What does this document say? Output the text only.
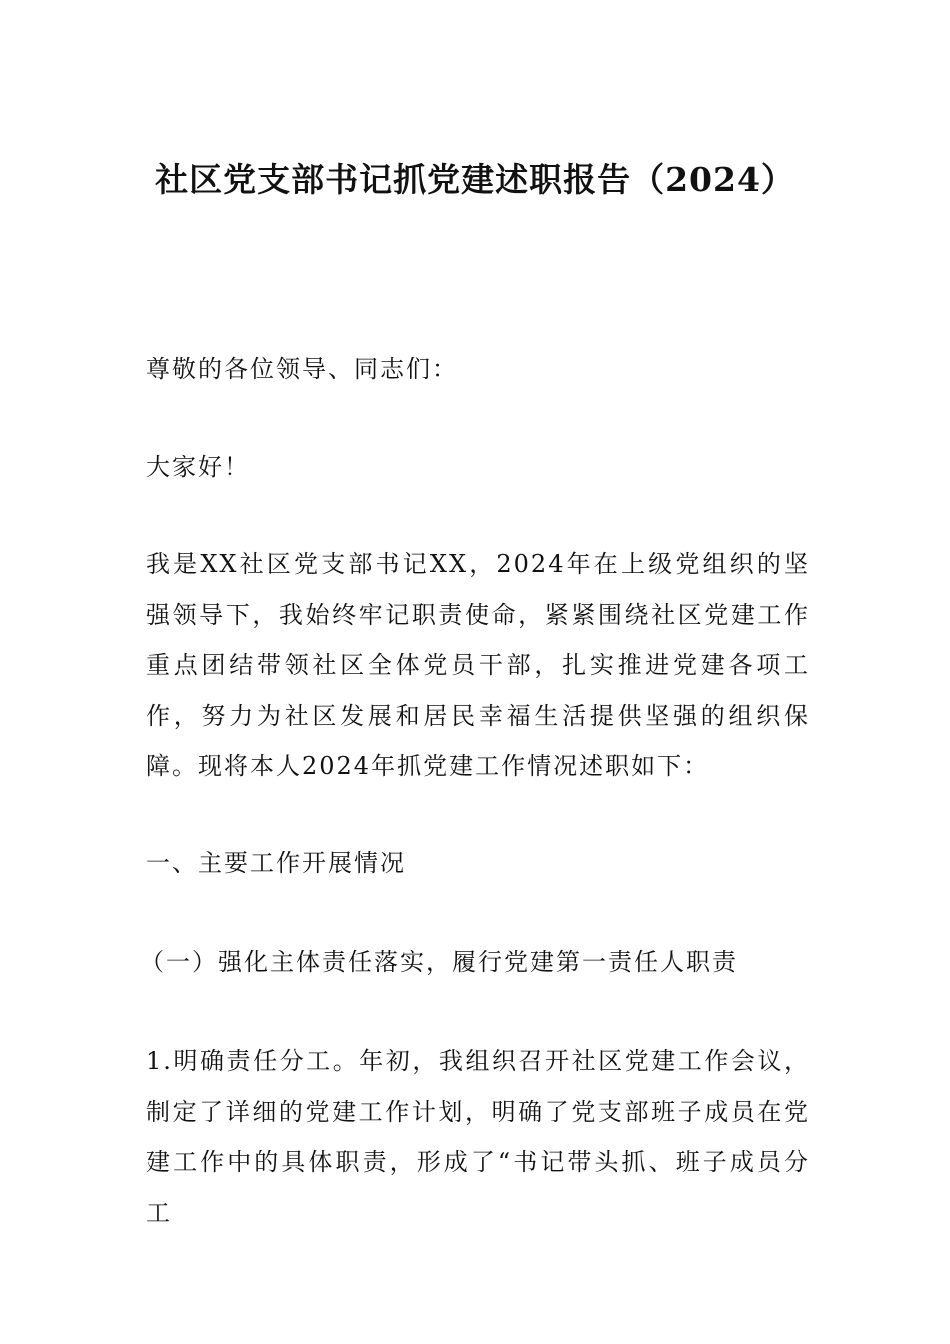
社区党支部书记抓党建述职报告（2024）

尊敬的各位领导、同志们：

大家好！

我是XX社区党支部书记XX，2024年在上级党组织的坚强领导下，我始终牢记职责使命，紧紧围绕社区党建工作重点团结带领社区全体党员干部，扎实推进党建各项工作，努力为社区发展和居民幸福生活提供坚强的组织保障。现将本人2024年抓党建工作情况述职如下：

一、主要工作开展情况

（一）强化主体责任落实，履行党建第一责任人职责

1.明确责任分工。年初，我组织召开社区党建工作会议，制定了详细的党建工作计划，明确了党支部班子成员在党建工作中的具体职责，形成了“书记带头抓、班子成员分工
